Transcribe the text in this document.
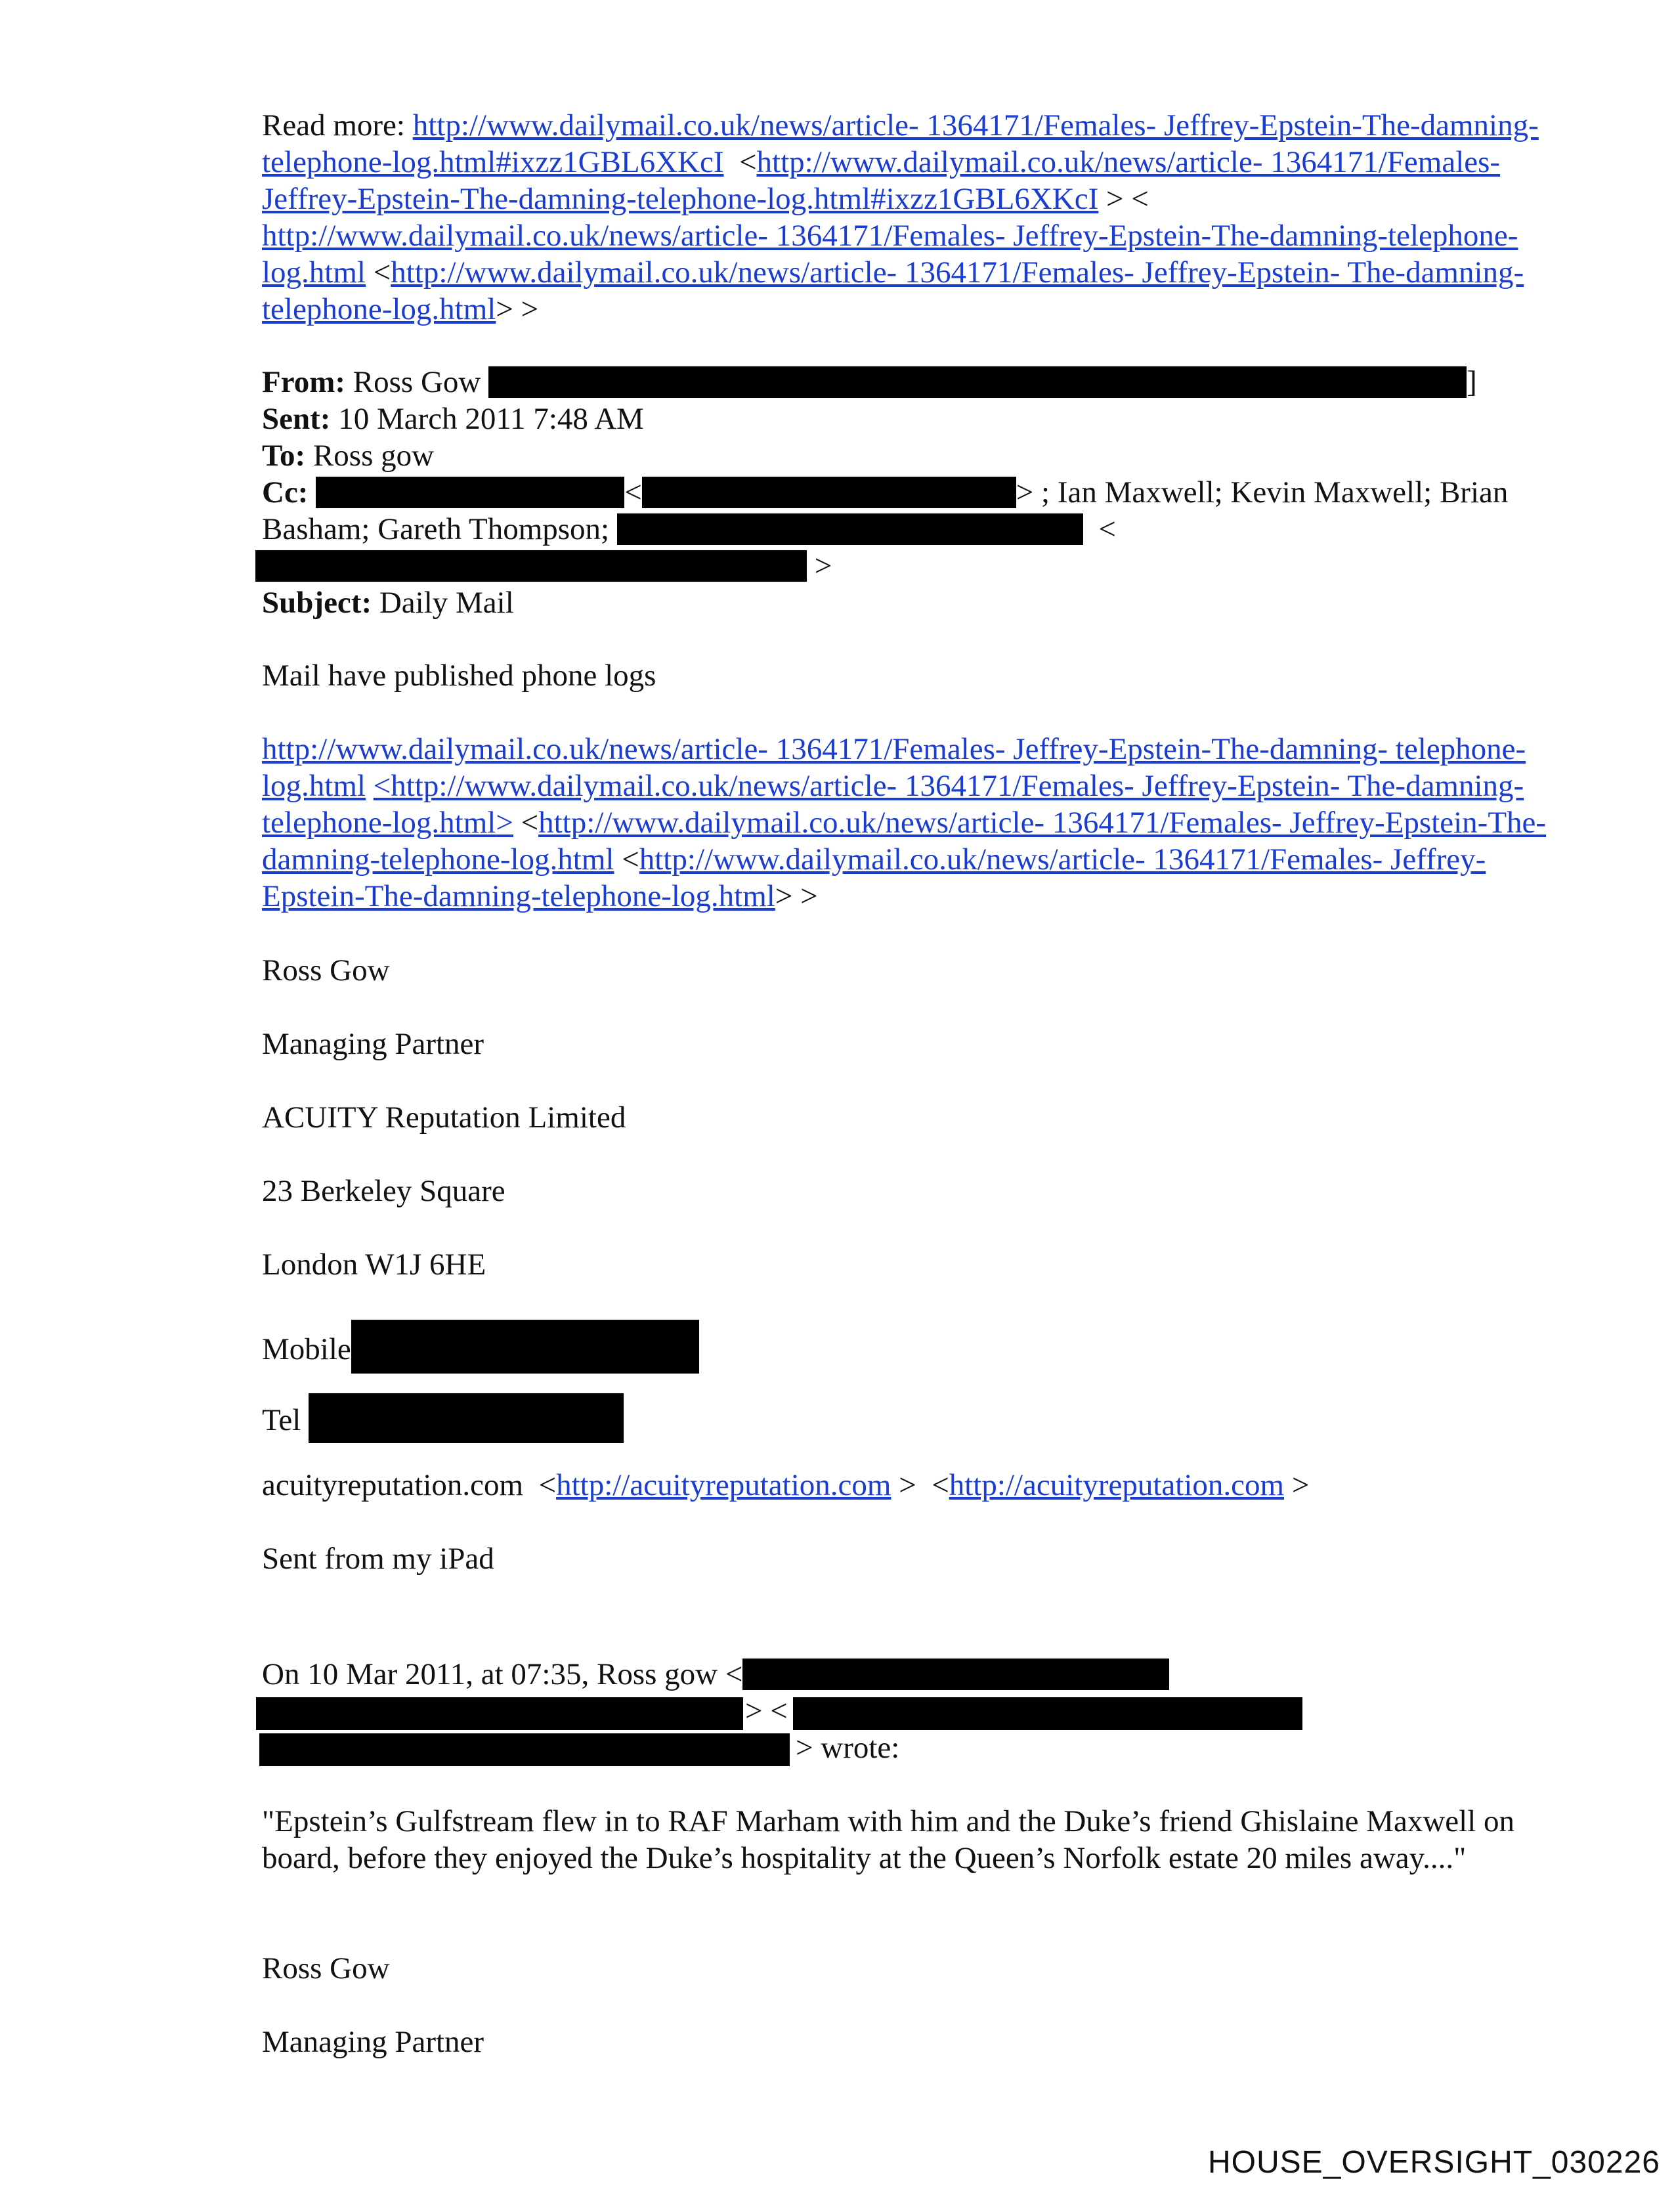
Read more: http://www.dailymail.co.uk/news/article- 1364171/Females- Jeffrey-Epstein-The-damning-telephone-log.html#ixzz1GBL6XKcI  <http://www.dailymail.co.uk/news/article- 1364171/Females- Jeffrey-Epstein-The-damning-telephone-log.html#ixzz1GBL6XKcI > < http://www.dailymail.co.uk/news/article- 1364171/Females- Jeffrey-Epstein-The-damning-telephone-log.html <http://www.dailymail.co.uk/news/article- 1364171/Females- Jeffrey-Epstein- The-damning-telephone-log.html> >
From: Ross Gow	]
Sent: 10 March 2011 7:48 AM
To: Ross gow
Cc:	<	> ; Ian Maxwell; Kevin Maxwell; Brian
Basham; Gareth Thompson;	<
>
Subject: Daily Mail
Mail have published phone logs
http://www.dailymail.co.uk/news/article- 1364171/Females- Jeffrey-Epstein-The-damning- telephone-log.html <http://www.dailymail.co.uk/news/article- 1364171/Females- Jeffrey-Epstein- The-damning-telephone-log.html> <http://www.dailymail.co.uk/news/article- 1364171/Females- Jeffrey-Epstein-The-damning-telephone-log.html <http://www.dailymail.co.uk/news/article- 1364171/Females- Jeffrey-Epstein-The-damning-telephone-log.html> >
Ross Gow
Managing Partner
ACUITY Reputation Limited
23 Berkeley Square
London W1J 6HE
Mobile
Tel
acuityreputation.com  <http://acuityreputation.com >  <http://acuityreputation.com >
Sent from my iPad
On 10 Mar 2011, at 07:35, Ross gow <
> <
> wrote:
"Epstein’s Gulfstream flew in to RAF Marham with him and the Duke’s friend Ghislaine Maxwell on board, before they enjoyed the Duke’s hospitality at the Queen’s Norfolk estate 20 miles away...."
Ross Gow
Managing Partner
HOUSE_OVERSIGHT_030226
